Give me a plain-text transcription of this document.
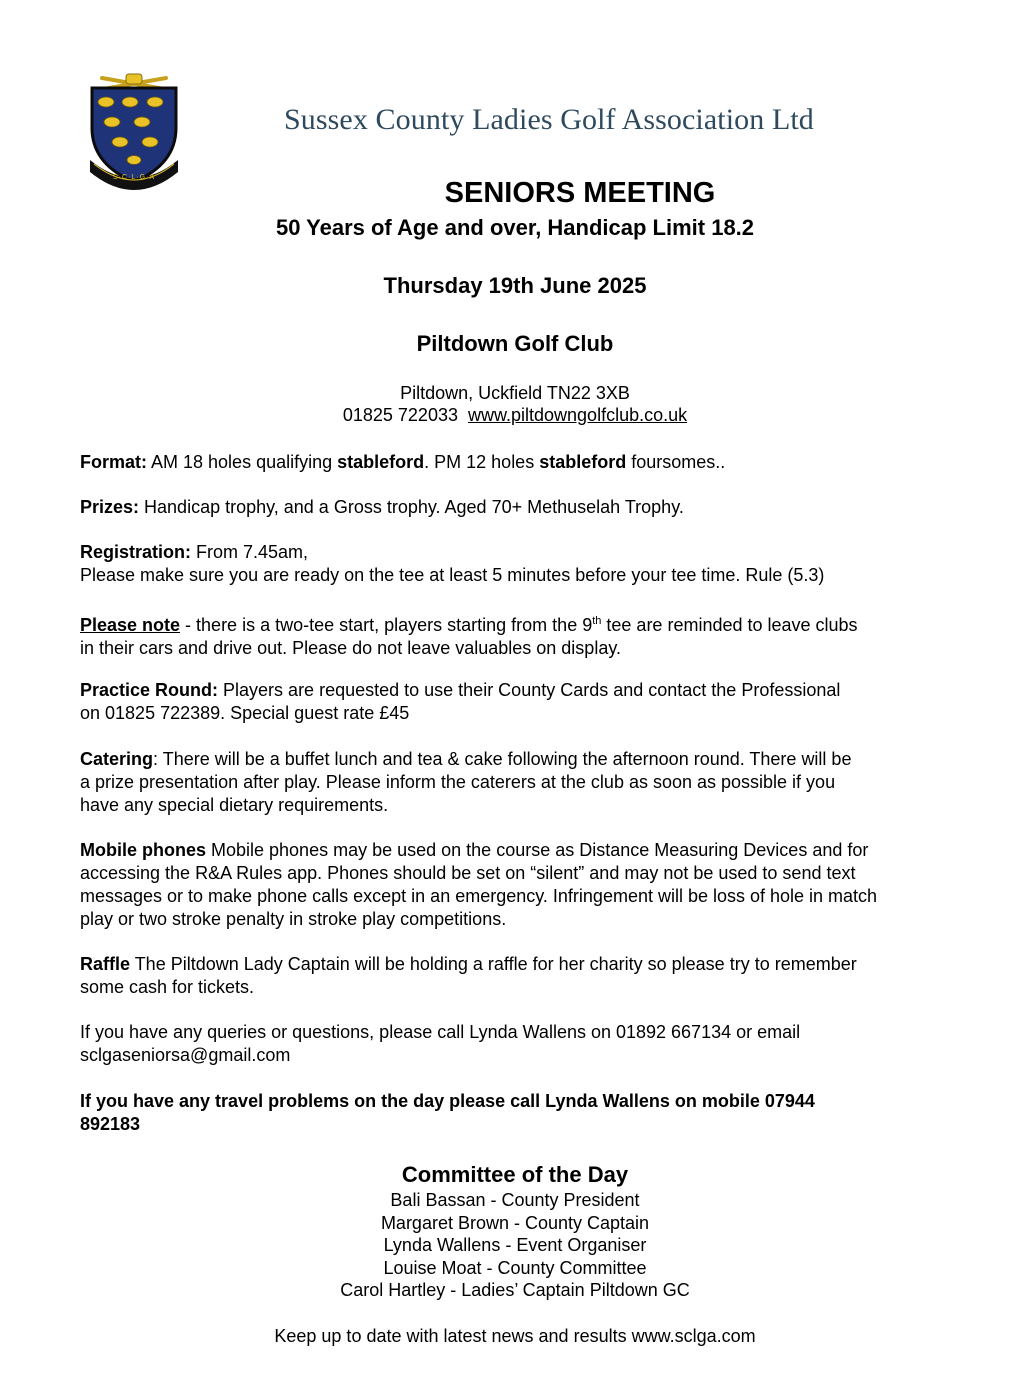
S·C·L·G·A
Sussex County Ladies Golf Association Ltd
SENIORS MEETING
50 Years of Age and over, Handicap Limit 18.2
Thursday 19th June 2025
Piltdown Golf Club
Piltdown, Uckfield TN22 3XB
01825 722033 www.piltdowngolfclub.co.uk
Format: AM 18 holes qualifying stableford. PM 12 holes stableford foursomes..
Prizes: Handicap trophy, and a Gross trophy. Aged 70+ Methuselah Trophy.
Registration: From 7.45am,
Please make sure you are ready on the tee at least 5 minutes before your tee time. Rule (5.3)
Please note - there is a two-tee start, players starting from the 9th tee are reminded to leave clubs
in their cars and drive out. Please do not leave valuables on display.
Practice Round: Players are requested to use their County Cards and contact the Professional
on 01825 722389. Special guest rate £45
Catering: There will be a buffet lunch and tea & cake following the afternoon round. There will be
a prize presentation after play. Please inform the caterers at the club as soon as possible if you
have any special dietary requirements.
Mobile phones Mobile phones may be used on the course as Distance Measuring Devices and for
accessing the R&A Rules app. Phones should be set on “silent” and may not be used to send text
messages or to make phone calls except in an emergency. Infringement will be loss of hole in match
play or two stroke penalty in stroke play competitions.
Raffle The Piltdown Lady Captain will be holding a raffle for her charity so please try to remember
some cash for tickets.
If you have any queries or questions, please call Lynda Wallens on 01892 667134 or email
sclgaseniorsa@gmail.com
If you have any travel problems on the day please call Lynda Wallens on mobile 07944
892183
Committee of the Day
Bali Bassan - County President
Margaret Brown - County Captain
Lynda Wallens - Event Organiser
Louise Moat - County Committee
Carol Hartley - Ladies’ Captain Piltdown GC
Keep up to date with latest news and results www.sclga.com
